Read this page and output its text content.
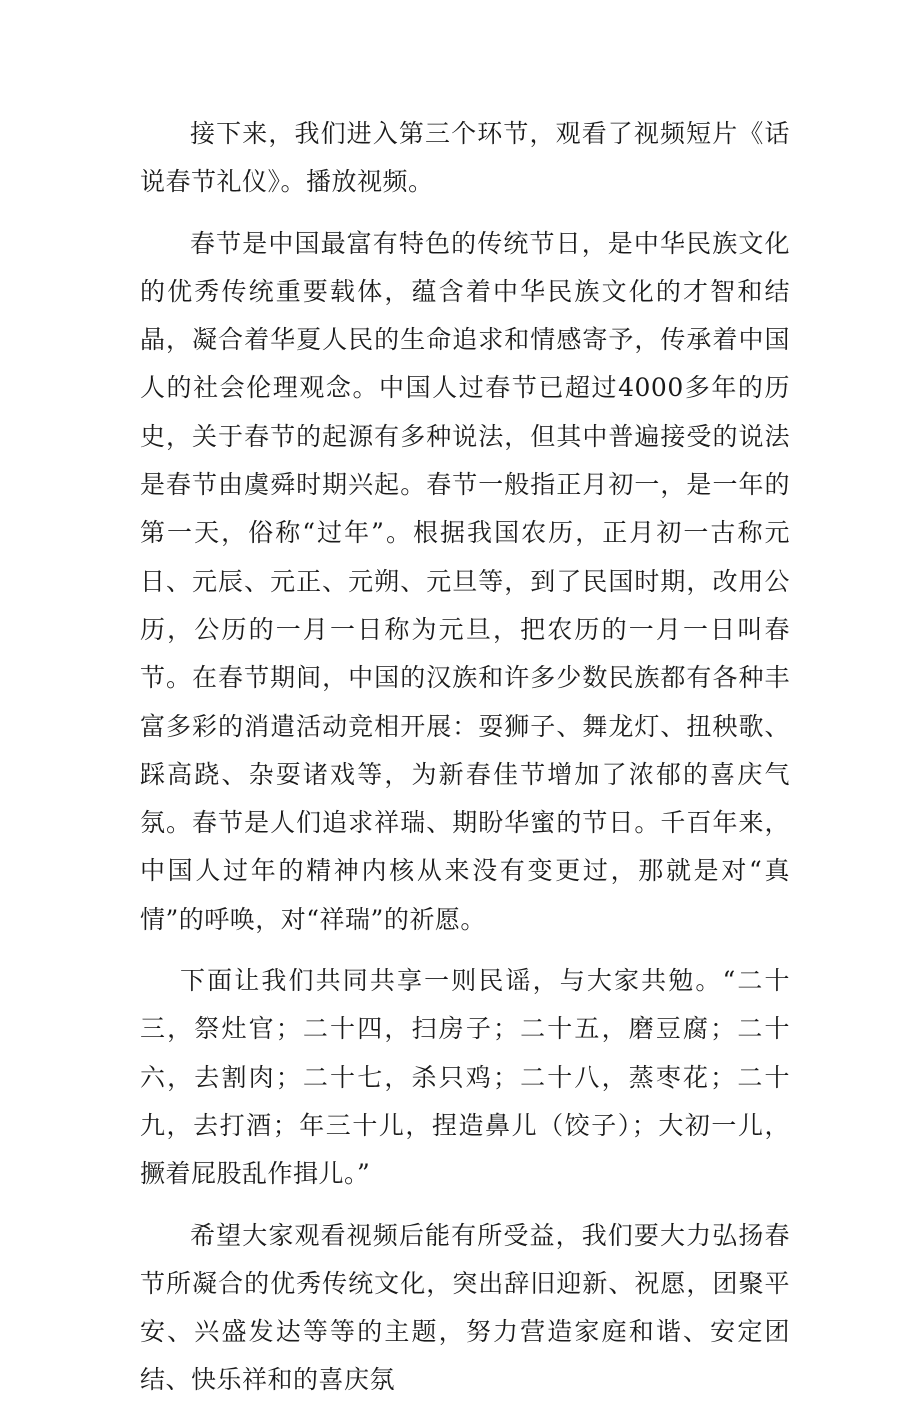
接下来，我们进入第三个环节，观看了视频短片《话说春节礼仪》。播放视频。

春节是中国最富有特色的传统节日，是中华民族文化的优秀传统重要载体，蕴含着中华民族文化的才智和结晶，凝合着华夏人民的生命追求和情感寄予，传承着中国人的社会伦理观念。中国人过春节已超过4000多年的历史，关于春节的起源有多种说法，但其中普遍接受的说法是春节由虞舜时期兴起。春节一般指正月初一，是一年的第一天，俗称“过年”。根据我国农历，正月初一古称元日、元辰、元正、元朔、元旦等，到了民国时期，改用公历，公历的一月一日称为元旦，把农历的一月一日叫春节。在春节期间，中国的汉族和许多少数民族都有各种丰富多彩的消遣活动竞相开展：耍狮子、舞龙灯、扭秧歌、踩高跷、杂耍诸戏等，为新春佳节增加了浓郁的喜庆气氛。春节是人们追求祥瑞、期盼华蜜的节日。千百年来，中国人过年的精神内核从来没有变更过，那就是对“真情”的呼唤，对“祥瑞”的祈愿。

下面让我们共同共享一则民谣，与大家共勉。“二十三，祭灶官；二十四，扫房子；二十五，磨豆腐；二十六，去割肉；二十七，杀只鸡；二十八，蒸枣花；二十九，去打酒；年三十儿，捏造鼻儿（饺子）；大初一儿，撅着屁股乱作揖儿。”

希望大家观看视频后能有所受益，我们要大力弘扬春节所凝合的优秀传统文化，突出辞旧迎新、祝愿，团聚平安、兴盛发达等等的主题，努力营造家庭和谐、安定团结、快乐祥和的喜庆氛
